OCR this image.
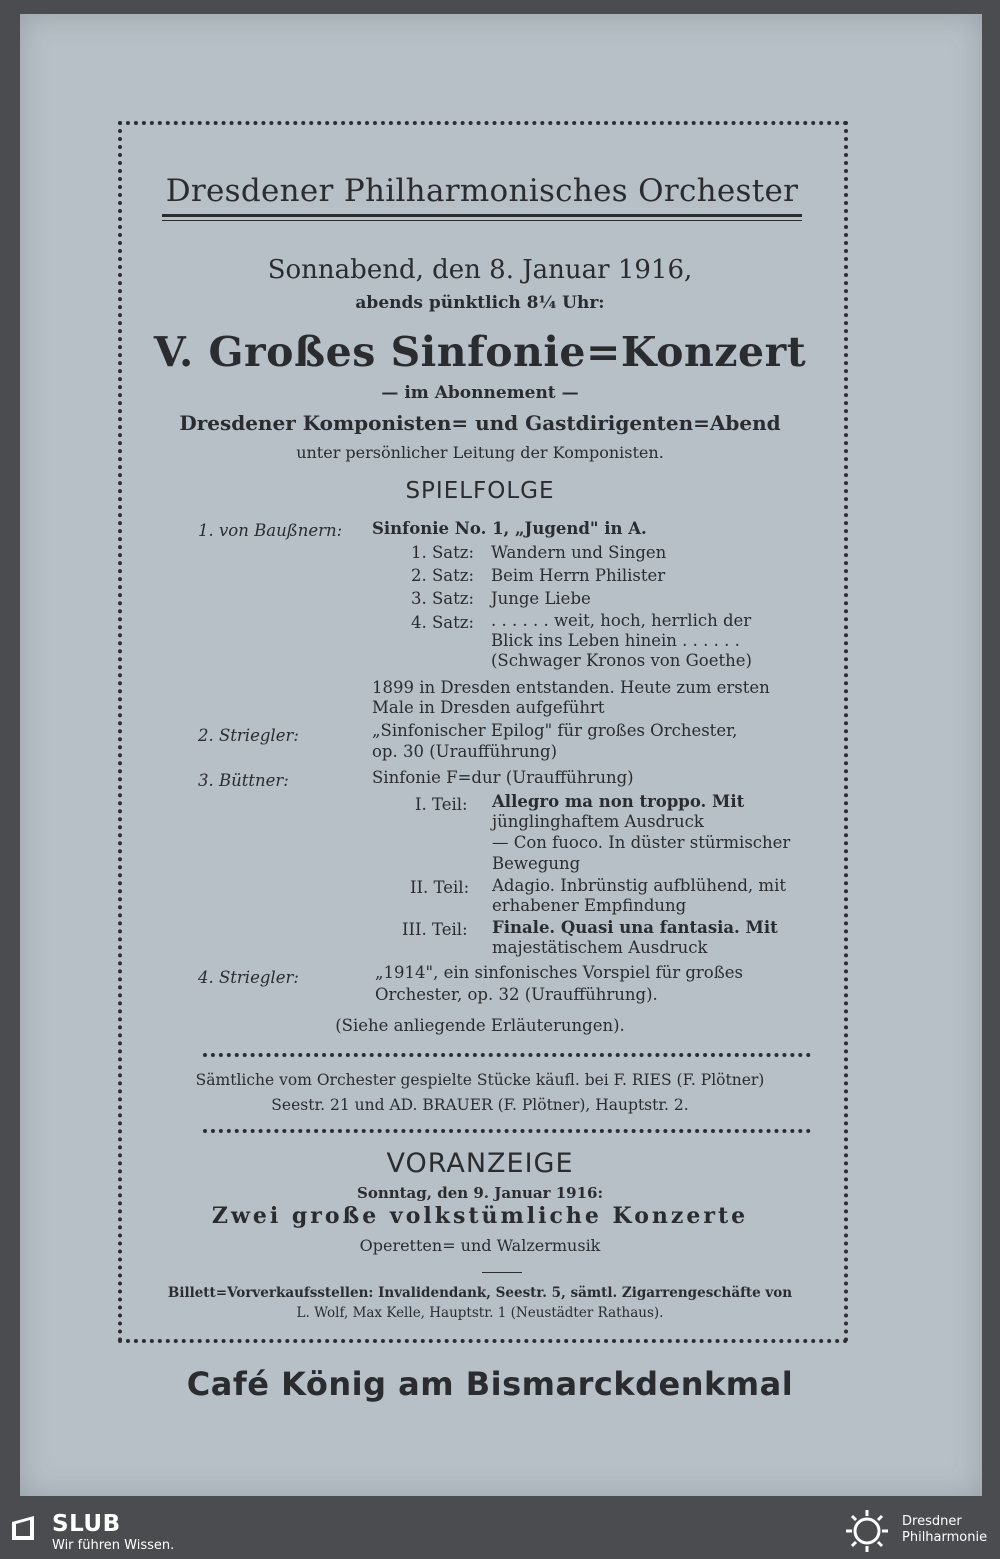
Dresdener Philharmonisches Orchester
Sonnabend, den 8. Januar 1916,
abends pünktlich 8¼ Uhr:
V. Großes Sinfonie=Konzert
— im Abonnement —
Dresdener Komponisten= und Gastdirigenten=Abend
unter persönlicher Leitung der Komponisten.
SPIELFOLGE
1. von Baußnern: Sinfonie No. 1, „Jugend" in A.
1. Satz: Wandern und Singen
2. Satz: Beim Herrn Philister
3. Satz: Junge Liebe
4. Satz: . . . . . . weit, hoch, herrlich der
Blick ins Leben hinein . . . . . .
(Schwager Kronos von Goethe)
1899 in Dresden entstanden. Heute zum ersten
Male in Dresden aufgeführt
2. Striegler:	„Sinfonischer Epilog" für großes Orchester,
op. 30 (Uraufführung)
3. Büttner:	Sinfonie F=dur (Uraufführung)
I. Teil: Allegro ma non troppo. Mit
jünglinghaftem Ausdruck
— Con fuoco. In düster stürmischer
Bewegung
II. Teil: Adagio. Inbrünstig aufblühend, mit
erhabener Empfindung
III. Teil: Finale. Quasi una fantasia. Mit
majestätischem Ausdruck
4. Striegler:	„1914", ein sinfonisches Vorspiel für großes
Orchester, op. 32 (Uraufführung).
(Siehe anliegende Erläuterungen).
Sämtliche vom Orchester gespielte Stücke käufl. bei F. RIES (F. Plötner)
Seestr. 21 und AD. BRAUER (F. Plötner), Hauptstr. 2.
VORANZEIGE
Sonntag, den 9. Januar 1916:
Zwei große volkstümliche Konzerte
Operetten= und Walzermusik
Billett=Vorverkaufsstellen: Invalidendank, Seestr. 5, sämtl. Zigarrengeschäfte von
L. Wolf, Max Kelle, Hauptstr. 1 (Neustädter Rathaus).
Café König am Bismarckdenkmal
SLUB
Wir führen Wissen.
Dresdner
Philharmonie
